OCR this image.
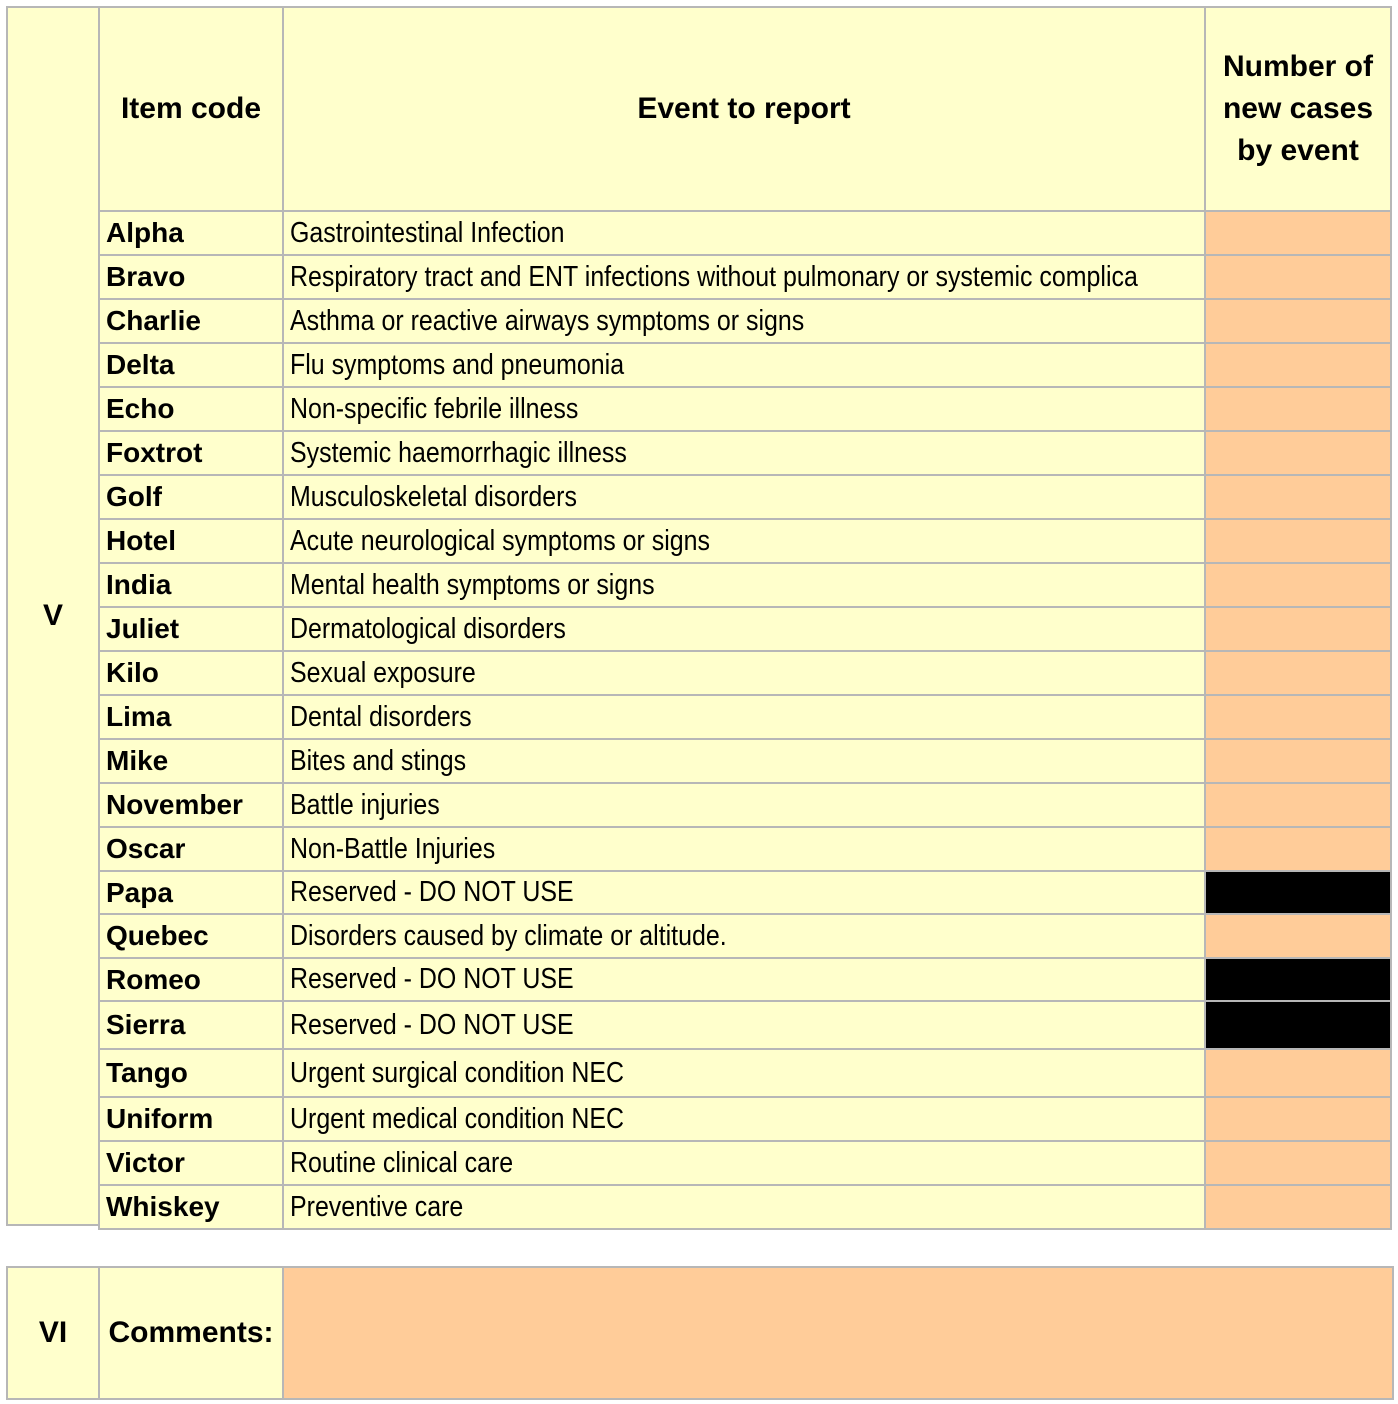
V
Item code	Event to report
Number of new cases by event
Alpha	Gastrointestinal Infection
Bravo	Respiratory tract and ENT infections without pulmonary or systemic complica
Charlie	Asthma or reactive airways symptoms or signs
Delta	Flu symptoms and pneumonia
Echo	Non-specific febrile illness
Foxtrot	Systemic haemorrhagic illness
Golf	Musculoskeletal disorders
Hotel	Acute neurological symptoms or signs
India	Mental health symptoms or signs
Juliet	Dermatological disorders
Kilo	Sexual exposure
Lima	Dental disorders
Mike	Bites and stings
November	Battle injuries
Oscar	Non-Battle Injuries
Papa	Reserved - DO NOT USE
Quebec	Disorders caused by climate or altitude.
Romeo	Reserved - DO NOT USE
Sierra	Reserved - DO NOT USE
Tango	Urgent surgical condition NEC
Uniform	Urgent medical condition NEC
Victor	Routine clinical care
Whiskey	Preventive care
VI	Comments:
